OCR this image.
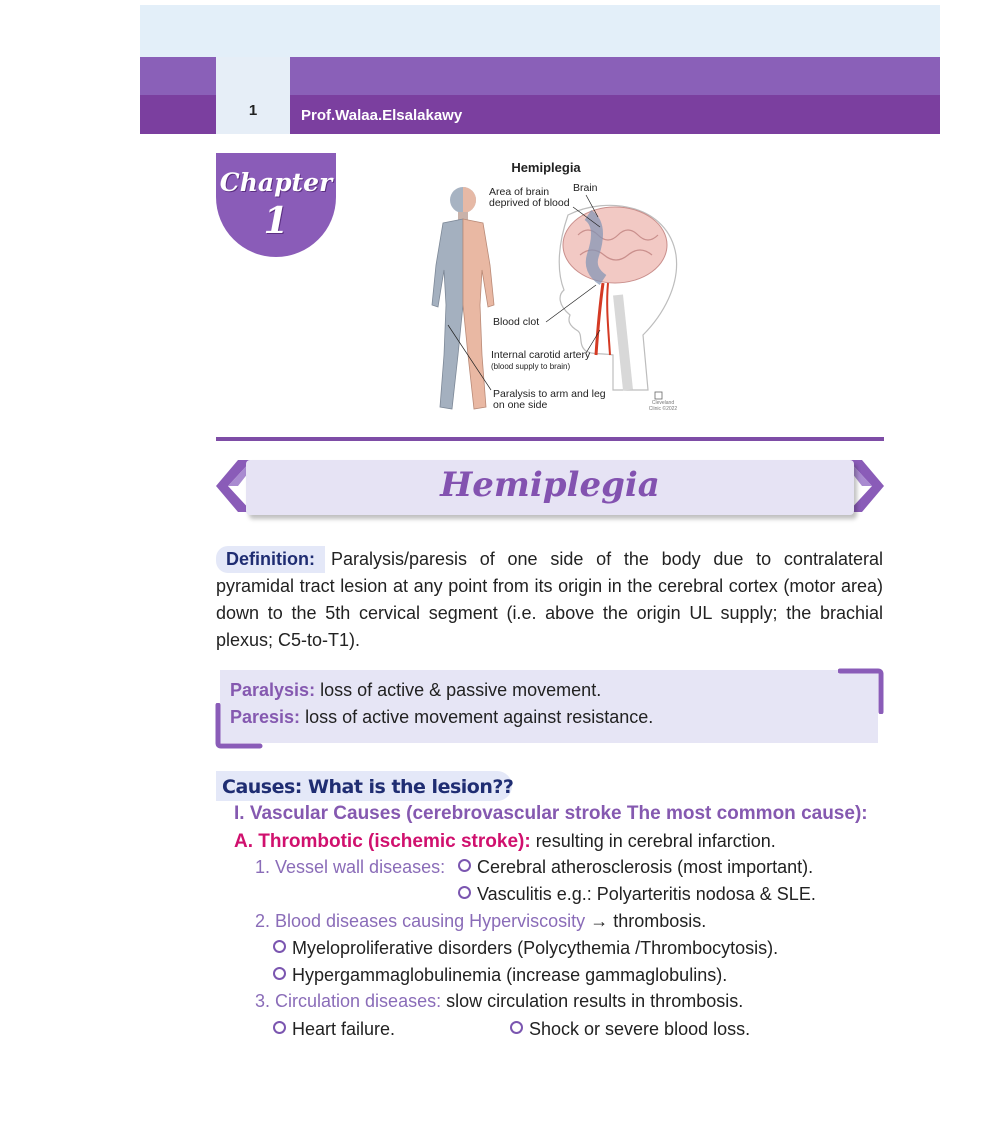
1	Prof.Walaa.Elsalakawy
Chapter
1
Hemiplegia
Area of brain deprived of blood
Brain
Blood clot
Internal carotid artery
(blood supply to brain)
Paralysis to arm and leg on one side	Cleveland Clinic ©2022
Hemiplegia
Definition: Paralysis/paresis of one side of the body due to contralateral pyramidal tract lesion at any point from its origin in the cerebral cortex (motor area) down to the 5th cervical segment (i.e. above the origin UL supply; the brachial plexus; C5-to-T1).
Paralysis: loss of active & passive movement.
Paresis: loss of active movement against resistance.
Causes: What is the lesion??
I. Vascular Causes (cerebrovascular stroke The most common cause):
A. Thrombotic (ischemic stroke): resulting in cerebral infarction.
1. Vessel wall diseases:	Cerebral atherosclerosis (most important).
Vasculitis e.g.: Polyarteritis nodosa & SLE.
2. Blood diseases causing Hyperviscosity → thrombosis.
Myeloproliferative disorders (Polycythemia /Thrombocytosis).
Hypergammaglobulinemia (increase gammaglobulins).
3. Circulation diseases: slow circulation results in thrombosis.
Heart failure.	Shock or severe blood loss.
